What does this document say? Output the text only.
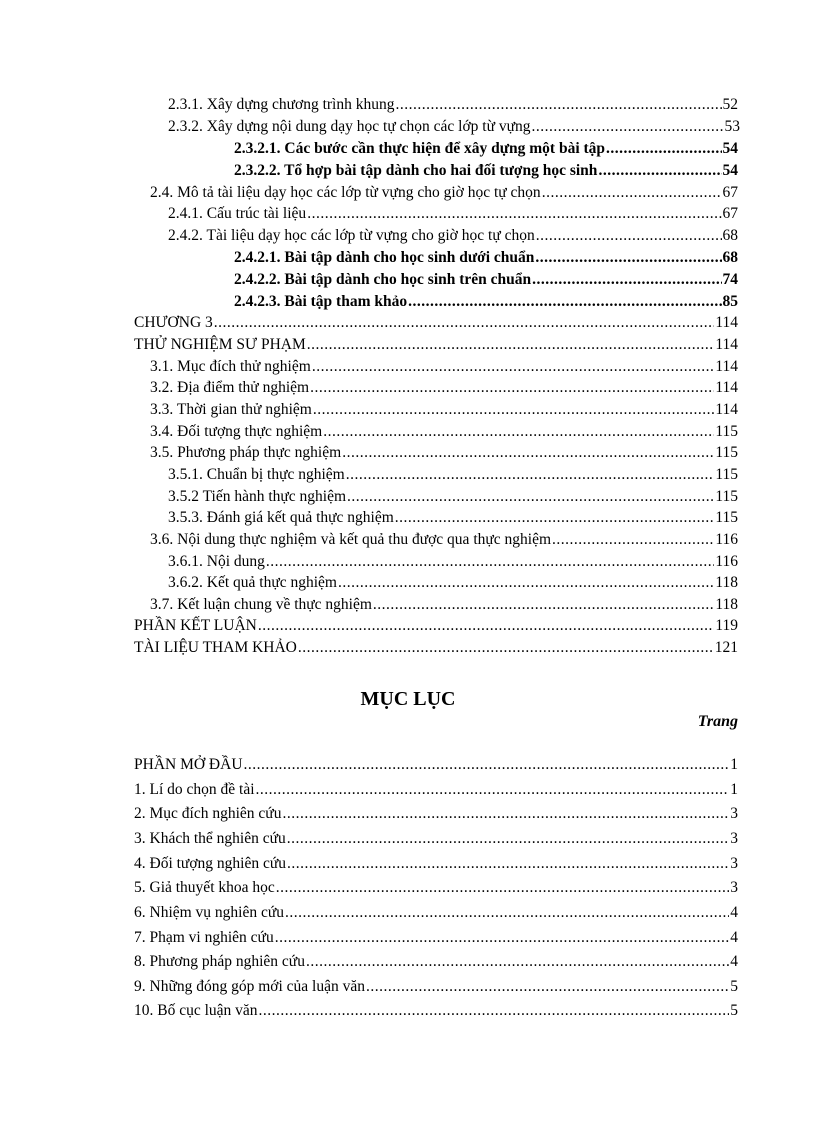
2.3.1. Xây dựng chương trình khung .....	52
2.3.2. Xây dựng nội dung dạy học tự chọn các lớp từ vựng .....	53
2.3.2.1. Các bước cần thực hiện để xây dựng một bài tập .....	54
2.3.2.2. Tổ hợp bài tập dành cho hai đối tượng học sinh .....	54
2.4. Mô tả tài liệu dạy học các lớp từ vựng cho giờ học tự chọn .....	67
2.4.1. Cấu trúc tài liệu .....	67
2.4.2. Tài liệu dạy học các lớp từ vựng cho giờ học tự chọn .....	68
2.4.2.1. Bài tập dành cho học sinh dưới chuẩn .....	68
2.4.2.2. Bài tập dành cho học sinh trên chuẩn .....	74
2.4.2.3. Bài tập tham khảo .....	85
CHƯƠNG 3 .....	114
THỬ NGHIỆM SƯ PHẠM .....	114
3.1. Mục đích thử nghiệm .....	114
3.2. Địa điểm thử nghiệm .....	114
3.3. Thời gian thử nghiệm .....	114
3.4. Đối tượng thực nghiệm .....	115
3.5. Phương pháp thực nghiệm .....	115
3.5.1. Chuẩn bị thực nghiệm .....	115
3.5.2 Tiến hành thực nghiệm .....	115
3.5.3. Đánh giá kết quả thực nghiệm .....	115
3.6. Nội dung thực nghiệm và kết quả thu được qua thực nghiệm .....	116
3.6.1. Nội dung .....	116
3.6.2. Kết quả thực nghiệm .....	118
3.7. Kết luận chung về thực nghiệm .....	118
PHẦN KẾT LUẬN .....	119
TÀI LIỆU THAM KHẢO .....	121
MỤC LỤC
Trang
PHẦN MỞ ĐẦU .....	1
1. Lí do chọn đề tài .....	1
2. Mục đích nghiên cứu .....	3
3. Khách thể nghiên cứu .....	3
4. Đối tượng nghiên cứu .....	3
5. Giả thuyết khoa học .....	3
6. Nhiệm vụ nghiên cứu .....	4
7. Phạm vi nghiên cứu .....	4
8. Phương pháp nghiên cứu .....	4
9. Những đóng góp mới của luận văn .....	5
10. Bố cục luận văn .....	5
